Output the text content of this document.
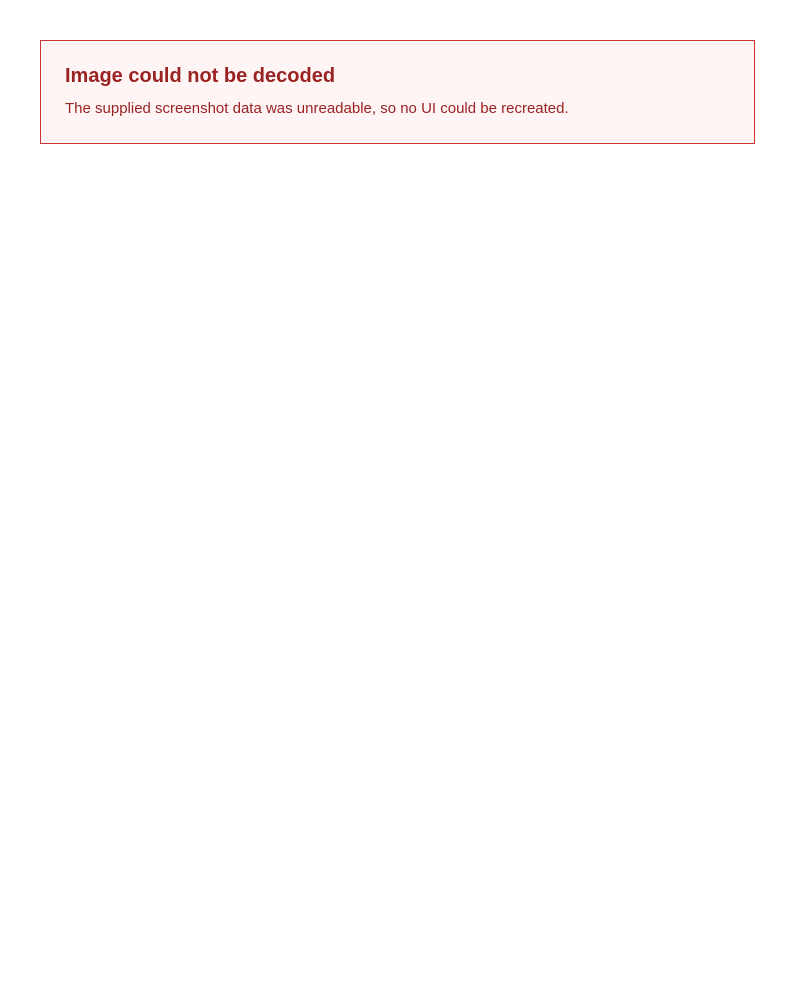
Image could not be decoded

The supplied screenshot data was unreadable, so no UI could be recreated.
